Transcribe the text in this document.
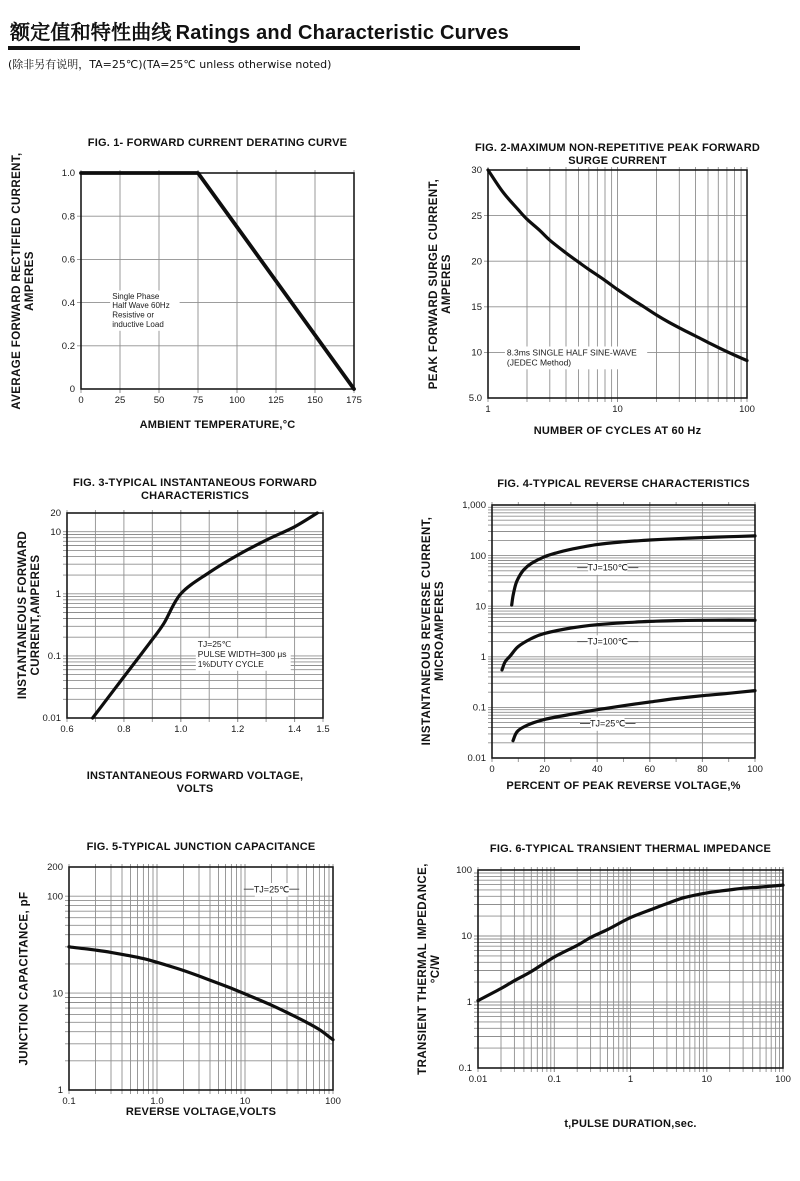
额定值和特性曲线 Ratings and Characteristic Curves
(除非另有说明，TA=25℃)(TA=25℃ unless otherwise noted)
Single Phase
Half Wave 60Hz
Resistive or
inductive Load
1.0
0.8
0.6
0.4
0.2
0
0	25	50	75	100 125 150 175
FIG. 1- FORWARD CURRENT DERATING CURVE
AVERAGE FORWARD RECTIFIED CURRENT, AMPERES
AMBIENT TEMPERATURE,°C
8.3ms SINGLE HALF SINE-WAVE
(JEDEC Method)
30
25
20
15
10
5.0
1	10	100
FIG. 2-MAXIMUM NON-REPETITIVE PEAK FORWARD
SURGE CURRENT
PEAK FORWARD SURGE CURRENT, AMPERES
NUMBER OF CYCLES AT 60 Hz
TJ=25℃
PULSE WIDTH=300 μs
1%DUTY CYCLE
20
10
1
0.1
0.01
0.6	0.8	1.0	1.2	1.4 1.5
FIG. 3-TYPICAL INSTANTANEOUS FORWARD
CHARACTERISTICS
INSTANTANEOUS FORWARD CURRENT,AMPERES
INSTANTANEOUS FORWARD VOLTAGE,
VOLTS
TJ=150℃
TJ=100℃
TJ=25℃
1,000
100
10
1
0.1
0.01
0	20	40	60	80	100
FIG. 4-TYPICAL REVERSE CHARACTERISTICS
INSTANTANEOUS REVERSE CURRENT, MICROAMPERES
PERCENT OF PEAK REVERSE VOLTAGE,%
TJ=25℃
200
100
10
1
0.1	1.0	10	100
FIG. 5-TYPICAL JUNCTION CAPACITANCE
JUNCTION CAPACITANCE, pF
REVERSE VOLTAGE,VOLTS
100
10
1
0.1
0.01	0.1	1	10	100
FIG. 6-TYPICAL TRANSIENT THERMAL IMPEDANCE
TRANSIENT THERMAL IMPEDANCE, °C/W
t,PULSE DURATION,sec.
